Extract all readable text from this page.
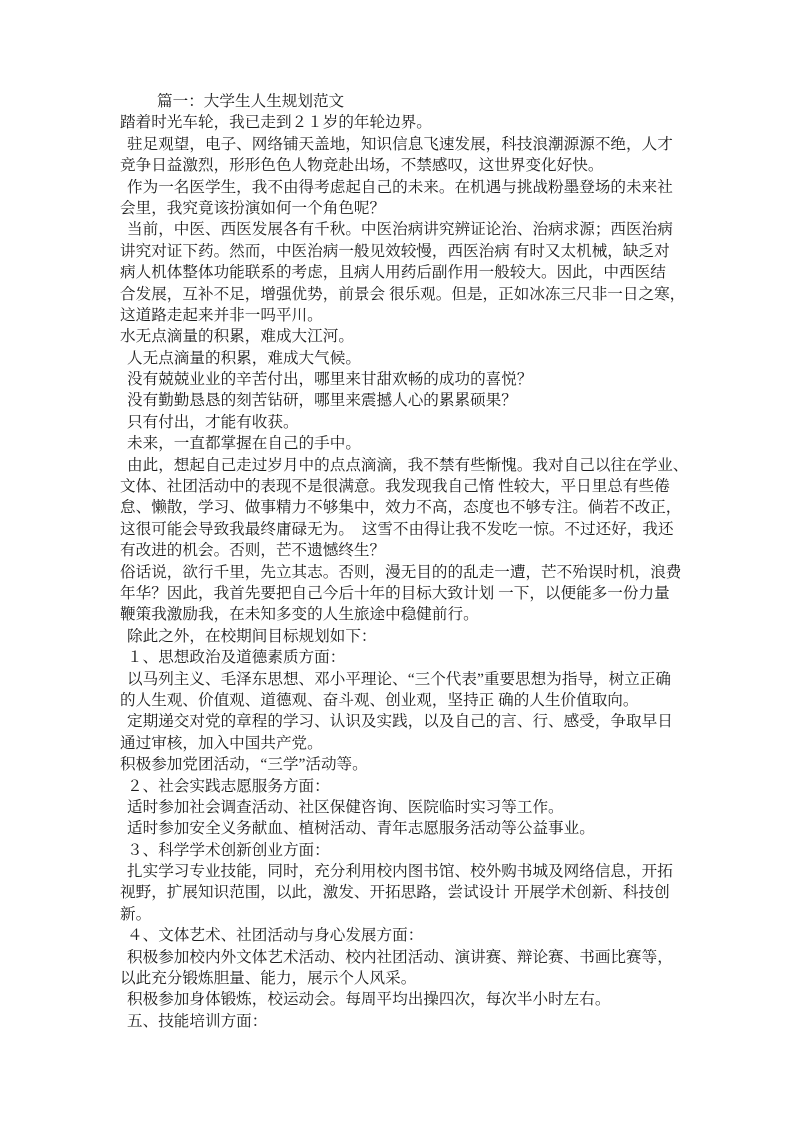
篇一：大学生人生规划范文
踏着时光车轮，我已走到２１岁的年轮边界。
驻足观望，电子、网络铺天盖地，知识信息飞速发展，科技浪潮源源不绝，人才
竞争日益激烈，形形色色人物竞赴出场，不禁感叹，这世界变化好快。
作为一名医学生，我不由得考虑起自己的未来。在机遇与挑战粉墨登场的未来社
会里，我究竟该扮演如何一个角色呢？
当前，中医、西医发展各有千秋。中医治病讲究辨证论治、治病求源；西医治病
讲究对证下药。然而，中医治病一般见效较慢，西医治病 有时又太机械，缺乏对
病人机体整体功能联系的考虑，且病人用药后副作用一般较大。因此，中西医结
合发展，互补不足，增强优势，前景会 很乐观。但是，正如冰冻三尺非一日之寒，
这道路走起来并非一吗平川。
水无点滴量的积累，难成大江河。
人无点滴量的积累，难成大气候。
没有兢兢业业的辛苦付出，哪里来甘甜欢畅的成功的喜悦？
没有勤勤恳恳的刻苦钻研，哪里来震撼人心的累累硕果？
只有付出，才能有收获。
未来，一直都掌握在自己的手中。
由此，想起自己走过岁月中的点点滴滴，我不禁有些惭愧。我对自己以往在学业、
文体、社团活动中的表现不是很满意。我发现我自己惰 性较大，平日里总有些倦
怠、懒散，学习、做事精力不够集中，效力不高，态度也不够专注。倘若不改正，
这很可能会导致我最终庸碌无为。  这雪不由得让我不发吃一惊。不过还好，我还
有改进的机会。否则，芒不遗憾终生？
俗话说，欲行千里，先立其志。否则，漫无目的的乱走一遭，芒不殆误时机，浪费
年华？因此，我首先要把自己今后十年的目标大致计划 一下，以便能多一份力量
鞭策我激励我，在未知多变的人生旅途中稳健前行。
除此之外，在校期间目标规划如下：
１、思想政治及道德素质方面：
以马列主义、毛泽东思想、邓小平理论、“三个代表”重要思想为指导，树立正确
的人生观、价值观、道德观、奋斗观、创业观，坚持正 确的人生价值取向。
定期递交对党的章程的学习、认识及实践，以及自己的言、行、感受，争取早日
通过审核，加入中国共产党。
积极参加党团活动，“三学”活动等。
２、社会实践志愿服务方面：
适时参加社会调查活动、社区保健咨询、医院临时实习等工作。
适时参加安全义务献血、植树活动、青年志愿服务活动等公益事业。
３、科学学术创新创业方面：
扎实学习专业技能，同时，充分利用校内图书馆、校外购书城及网络信息，开拓
视野，扩展知识范围，以此，激发、开拓思路，尝试设计 开展学术创新、科技创
新。
４、文体艺术、社团活动与身心发展方面：
积极参加校内外文体艺术活动、校内社团活动、演讲赛、辩论赛、书画比赛等，
以此充分锻炼胆量、能力，展示个人风采。
积极参加身体锻炼，校运动会。每周平均出操四次，每次半小时左右。
五、技能培训方面：
